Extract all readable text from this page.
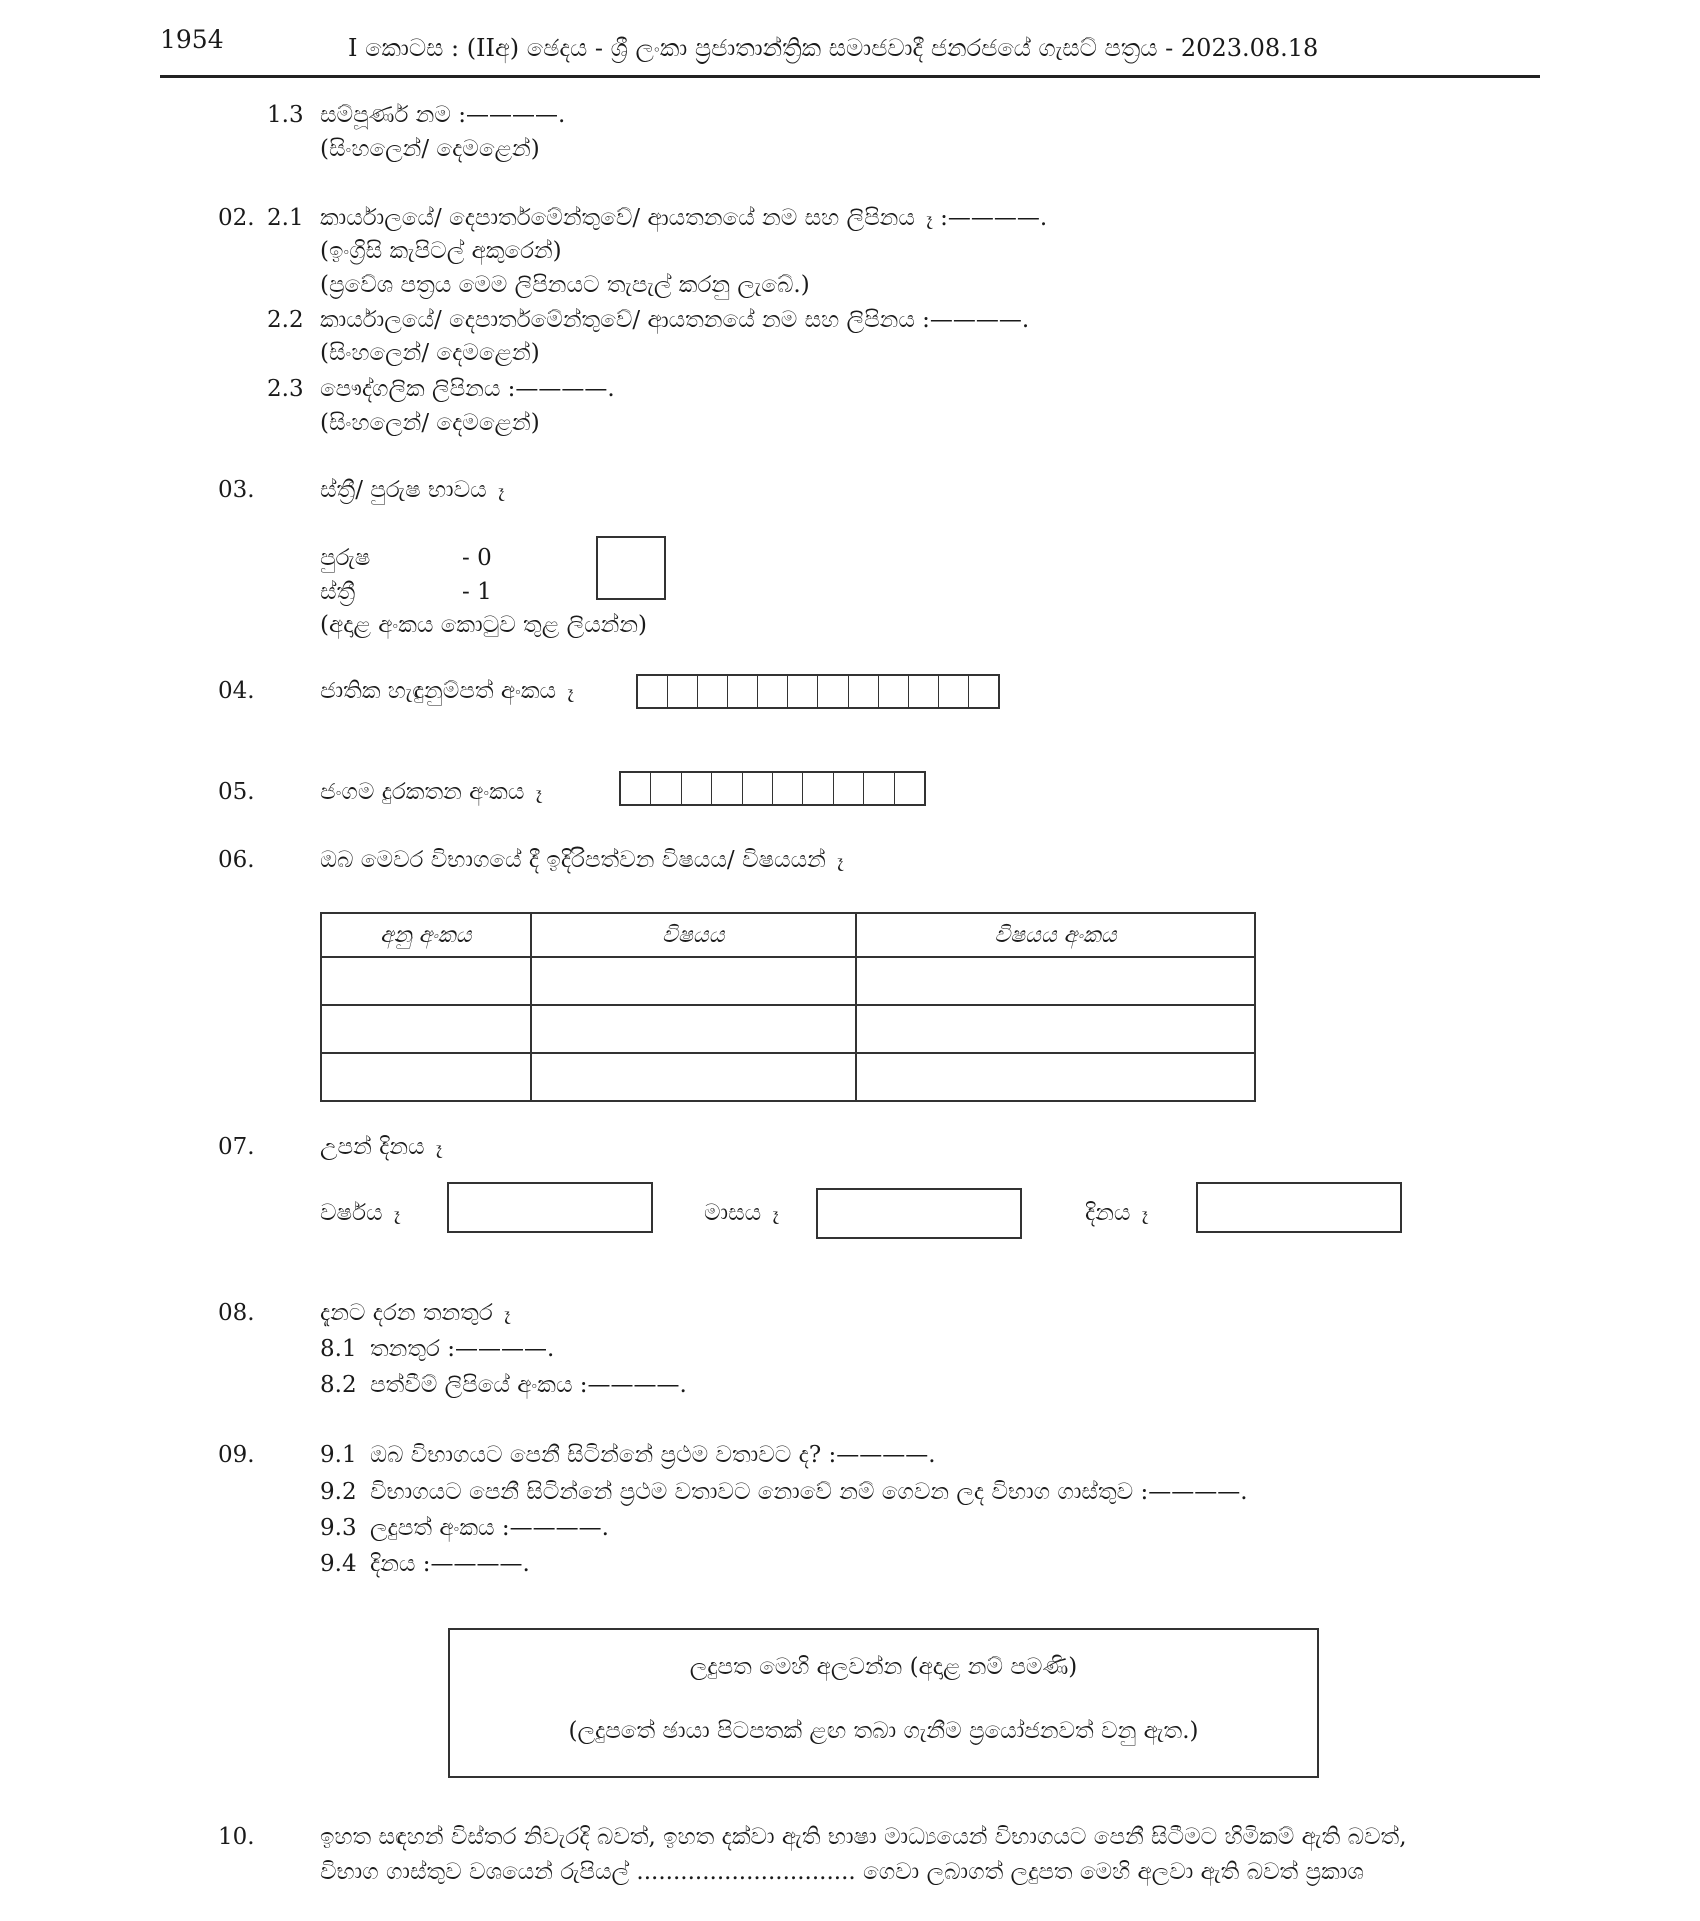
1954	I කොටස : (IIඅ) ඡෙදය - ශ්‍රී ලංකා ප්‍රජාතාන්ත්‍රික සමාජවාදී ජනරජයේ ගැසට් පත්‍රය - 2023.08.18
1.3 සම්පූර්ණ නම :————.
(සිංහලෙන්/ දෙමළෙන්)
02. 2.1 කාර්යාලයේ/ දෙපාර්තමේන්තුවේ/ ආයතනයේ නම සහ ලිපිනය ෑ :————.
(ඉංග්‍රිසි කැපිටල් අකුරෙන්)
(ප්‍රවේශ පත්‍රය මෙම ලිපිනයට තැපැල් කරනු ලැබේ.)
2.2 කාර්යාලයේ/ දෙපාර්තමේන්තුවේ/ ආයතනයේ නම සහ ලිපිනය :————.
(සිංහලෙන්/ දෙමළෙන්)
2.3 පෞද්ගලික ලිපිනය :————.
(සිංහලෙන්/ දෙමළෙන්)
03.	ස්ත්‍රී/ පුරුෂ භාවය ෑ
පුරුෂ	- 0
ස්ත්‍රී	- 1
(අදාළ අංකය කොටුව තුළ ලියන්න)
04.	ජාතික හැඳුනුම්පත් අංකය ෑ
05.	ජංගම දුරකතන අංකය ෑ
06.	ඔබ මෙවර විභාගයේ දී ඉදිරිපත්වන විෂයය/ විෂයයන් ෑ
අනු අංකය	විෂයය	විෂයය අංකය

07.	උපන් දිනය ෑ
වර්ෂය ෑ	මාසය ෑ	දිනය ෑ
08.	දැනට දරන තනතුර ෑ
8.1 තනතුර :————.
8.2 පත්වීම් ලිපියේ අංකය :————.
09.	9.1 ඔබ විභාගයට පෙනී සිටින්නේ ප්‍රථම වතාවට ද? :————.
9.2 විභාගයට පෙනී සිටින්නේ ප්‍රථම වතාවට නොවේ නම් ගෙවන ලද විභාග ගාස්තුව :————.
9.3 ලදුපත් අංකය :————.
9.4 දිනය :————.
ලදුපත මෙහි අලවන්න (අදාළ නම් පමණි)
(ලදුපතේ ඡායා පිටපතක් ළඟ තබා ගැනීම ප්‍රයෝජනවත් වනු ඇත.)
10.	ඉහත සඳහන් විස්තර නිවැරදි බවත්, ඉහත දක්වා ඇති භාෂා මාධ්‍යයෙන් විභාගයට පෙනී සිටීමට හිමිකම් ඇති බවත්,
විභාග ගාස්තුව වශයෙන් රුපියල් .............................. ගෙවා ලබාගත් ලදුපත මෙහි අලවා ඇති බවත් ප්‍රකාශ
